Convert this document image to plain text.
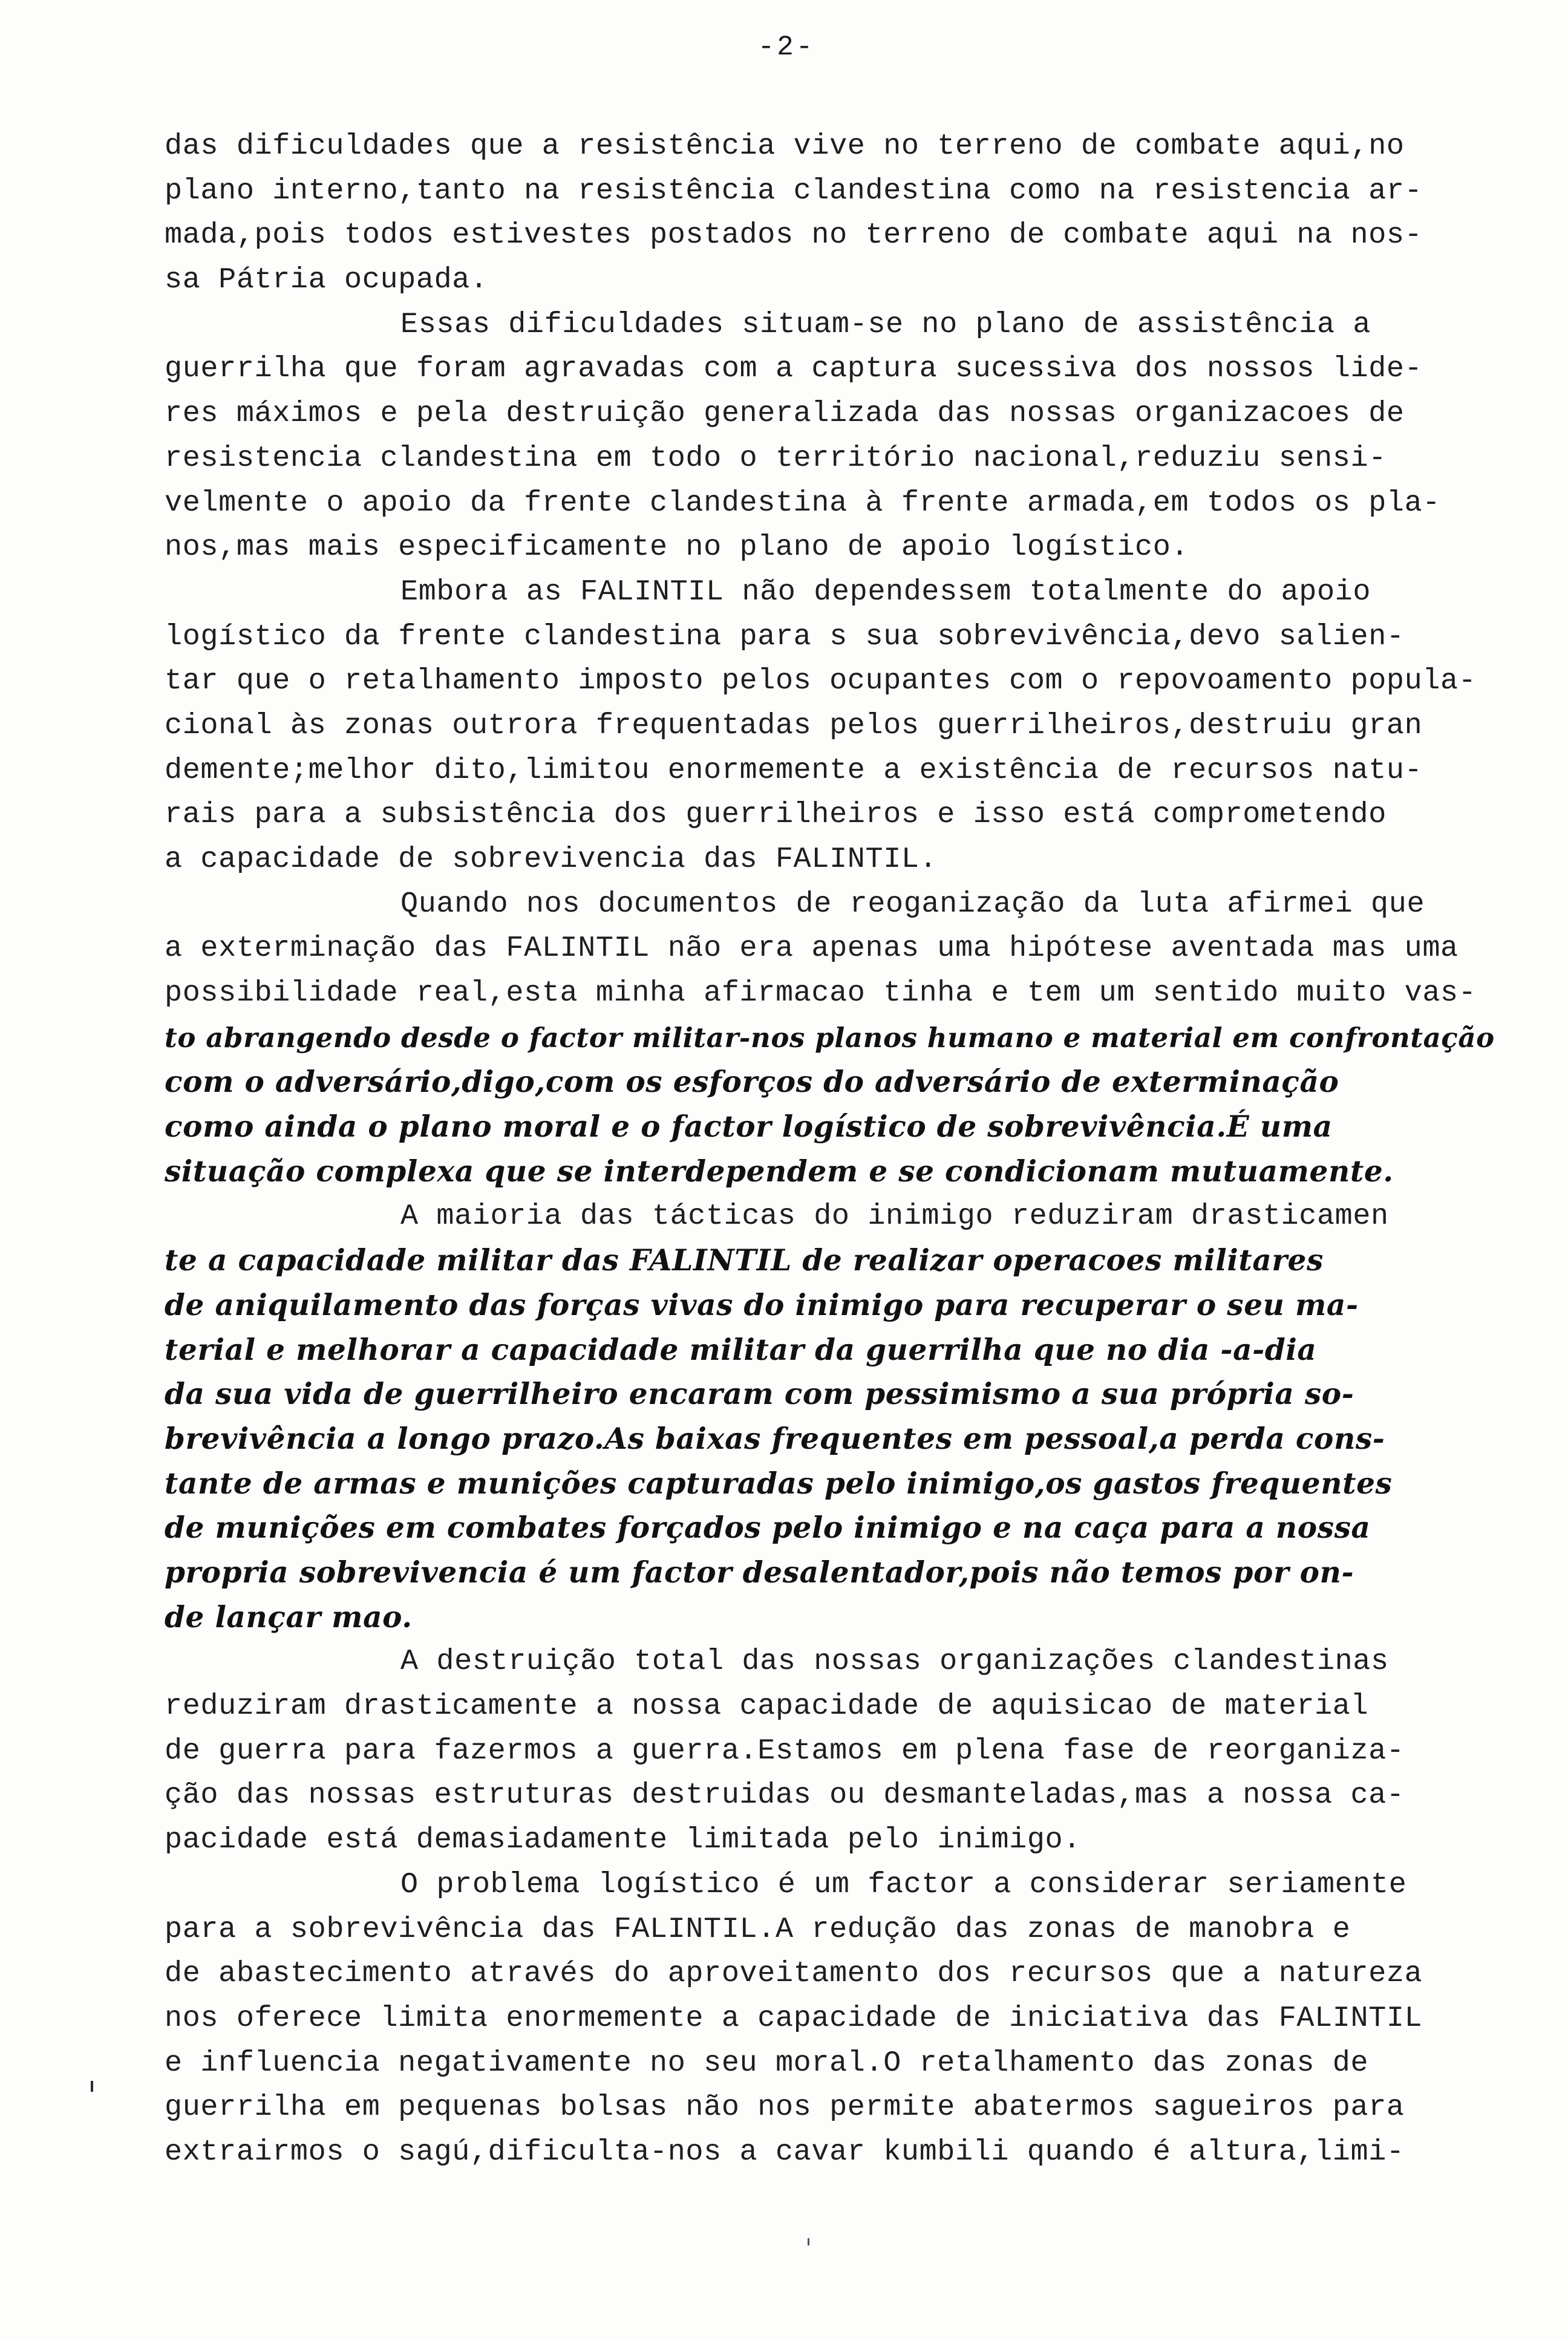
-2-
das dificuldades que a resistência vive no terreno de combate aqui,no
plano interno,tanto na resistência clandestina como na resistencia ar-
mada,pois todos estivestes postados no terreno de combate aqui na nos-
sa Pátria ocupada.
Essas dificuldades situam-se no plano de assistência a
guerrilha que foram agravadas com a captura sucessiva dos nossos lide-
res máximos e pela destruição generalizada das nossas organizacoes de
resistencia clandestina em todo o território nacional,reduziu sensi-
velmente o apoio da frente clandestina à frente armada,em todos os pla-
nos,mas mais especificamente no plano de apoio logístico.
Embora as FALINTIL não dependessem totalmente do apoio
logístico da frente clandestina para s sua sobrevivência,devo salien-
tar que o retalhamento imposto pelos ocupantes com o repovoamento popula-
cional às zonas outrora frequentadas pelos guerrilheiros,destruiu gran
demente;melhor dito,limitou enormemente a existência de recursos natu-
rais para a subsistência dos guerrilheiros e isso está comprometendo
a capacidade de sobrevivencia das FALINTIL.
Quando nos documentos de reoganização da luta afirmei que
a exterminação das FALINTIL não era apenas uma hipótese aventada mas uma
possibilidade real,esta minha afirmacao tinha e tem um sentido muito vas-
to abrangendo desde o factor militar-nos planos humano e material em confrontação
com o adversário,digo,com os esforços do adversário de exterminação
como ainda o plano moral e o factor logístico de sobrevivência.É uma
situação complexa que se interdependem e se condicionam mutuamente.
A maioria das tácticas do inimigo reduziram drasticamen
te a capacidade militar das FALINTIL de realizar operacoes militares
de aniquilamento das forças vivas do inimigo para recuperar o seu ma-
terial e melhorar a capacidade militar da guerrilha que no dia -a-dia
da sua vida de guerrilheiro encaram com pessimismo a sua própria so-
brevivência a longo prazo.As baixas frequentes em pessoal,a perda cons-
tante de armas e munições capturadas pelo inimigo,os gastos frequentes
de munições em combates forçados pelo inimigo e na caça para a nossa
propria sobrevivencia é um factor desalentador,pois não temos por on-
de lançar mao.
A destruição total das nossas organizações clandestinas
reduziram drasticamente a nossa capacidade de aquisicao de material
de guerra para fazermos a guerra.Estamos em plena fase de reorganiza-
ção das nossas estruturas destruidas ou desmanteladas,mas a nossa ca-
pacidade está demasiadamente limitada pelo inimigo.
O problema logístico é um factor a considerar seriamente
para a sobrevivência das FALINTIL.A redução das zonas de manobra e
de abastecimento através do aproveitamento dos recursos que a natureza
nos oferece limita enormemente a capacidade de iniciativa das FALINTIL
e influencia negativamente no seu moral.O retalhamento das zonas de
guerrilha em pequenas bolsas não nos permite abatermos sagueiros para
extrairmos o sagú,dificulta-nos a cavar kumbili quando é altura,limi-
